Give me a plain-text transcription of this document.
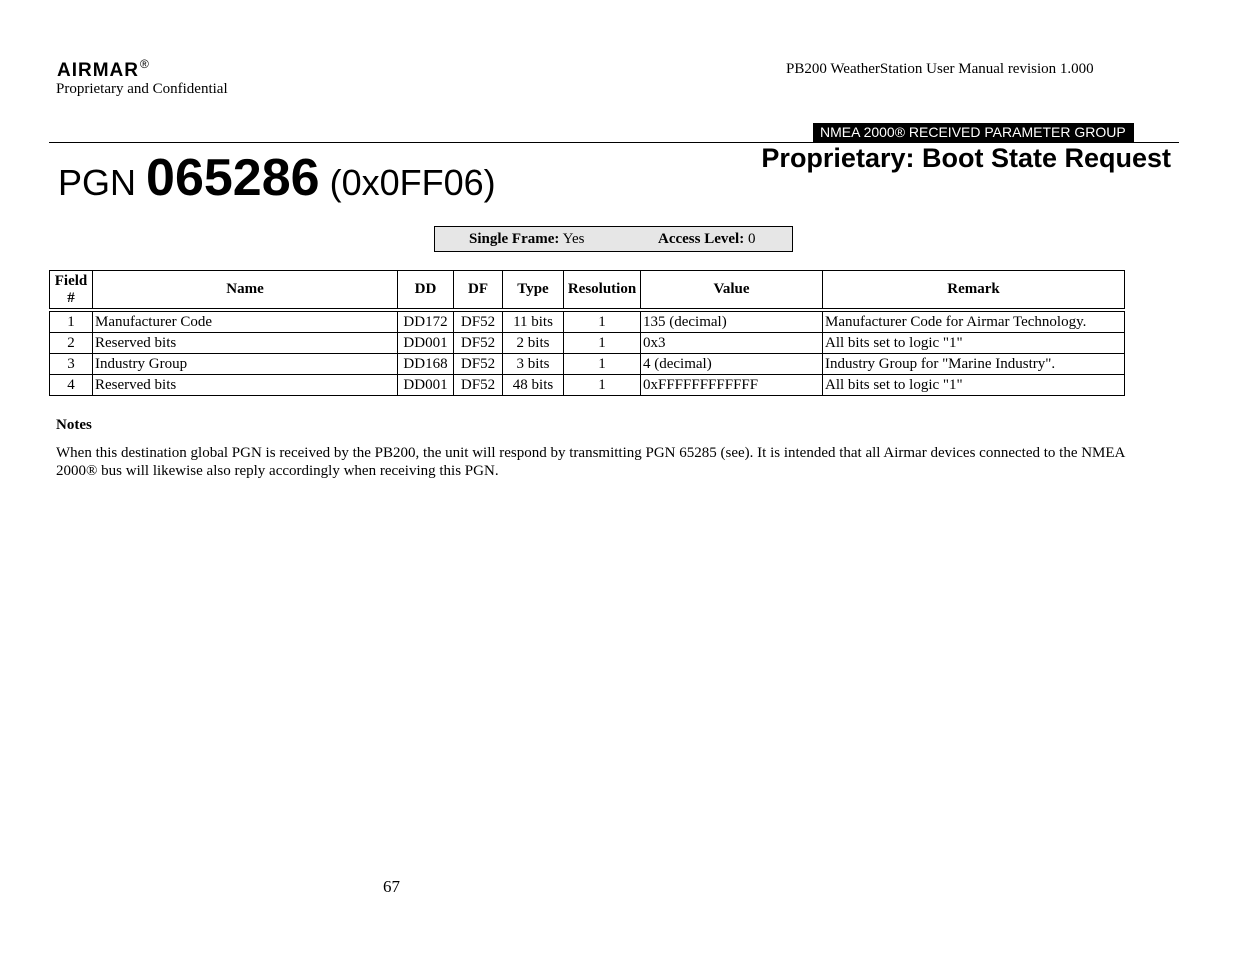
AIRMAR®
Proprietary and Confidential
PB200 WeatherStation User Manual revision 1.000
NMEA 2000® RECEIVED PARAMETER GROUP
PGN 065286 (0x0FF06)
Proprietary: Boot State Request
Single Frame: Yes	Access Level: 0
Field #	Name	DD	DF	Type	Resolution	Value	Remark

1	Manufacturer Code	DD172	DF52	11 bits	1	135 (decimal)	Manufacturer Code for Airmar Technology.
2	Reserved bits	DD001	DF52	2 bits	1	0x3	All bits set to logic "1"
3	Industry Group	DD168	DF52	3 bits	1	4 (decimal)	Industry Group for "Marine Industry".
4	Reserved bits	DD001	DF52	48 bits	1	0xFFFFFFFFFFFF	All bits set to logic "1"
Notes
When this destination global PGN is received by the PB200, the unit will respond by transmitting PGN 65285 (see). It is intended that all Airmar devices connected to the NMEA 2000® bus will likewise also reply accordingly when receiving this PGN.
67
